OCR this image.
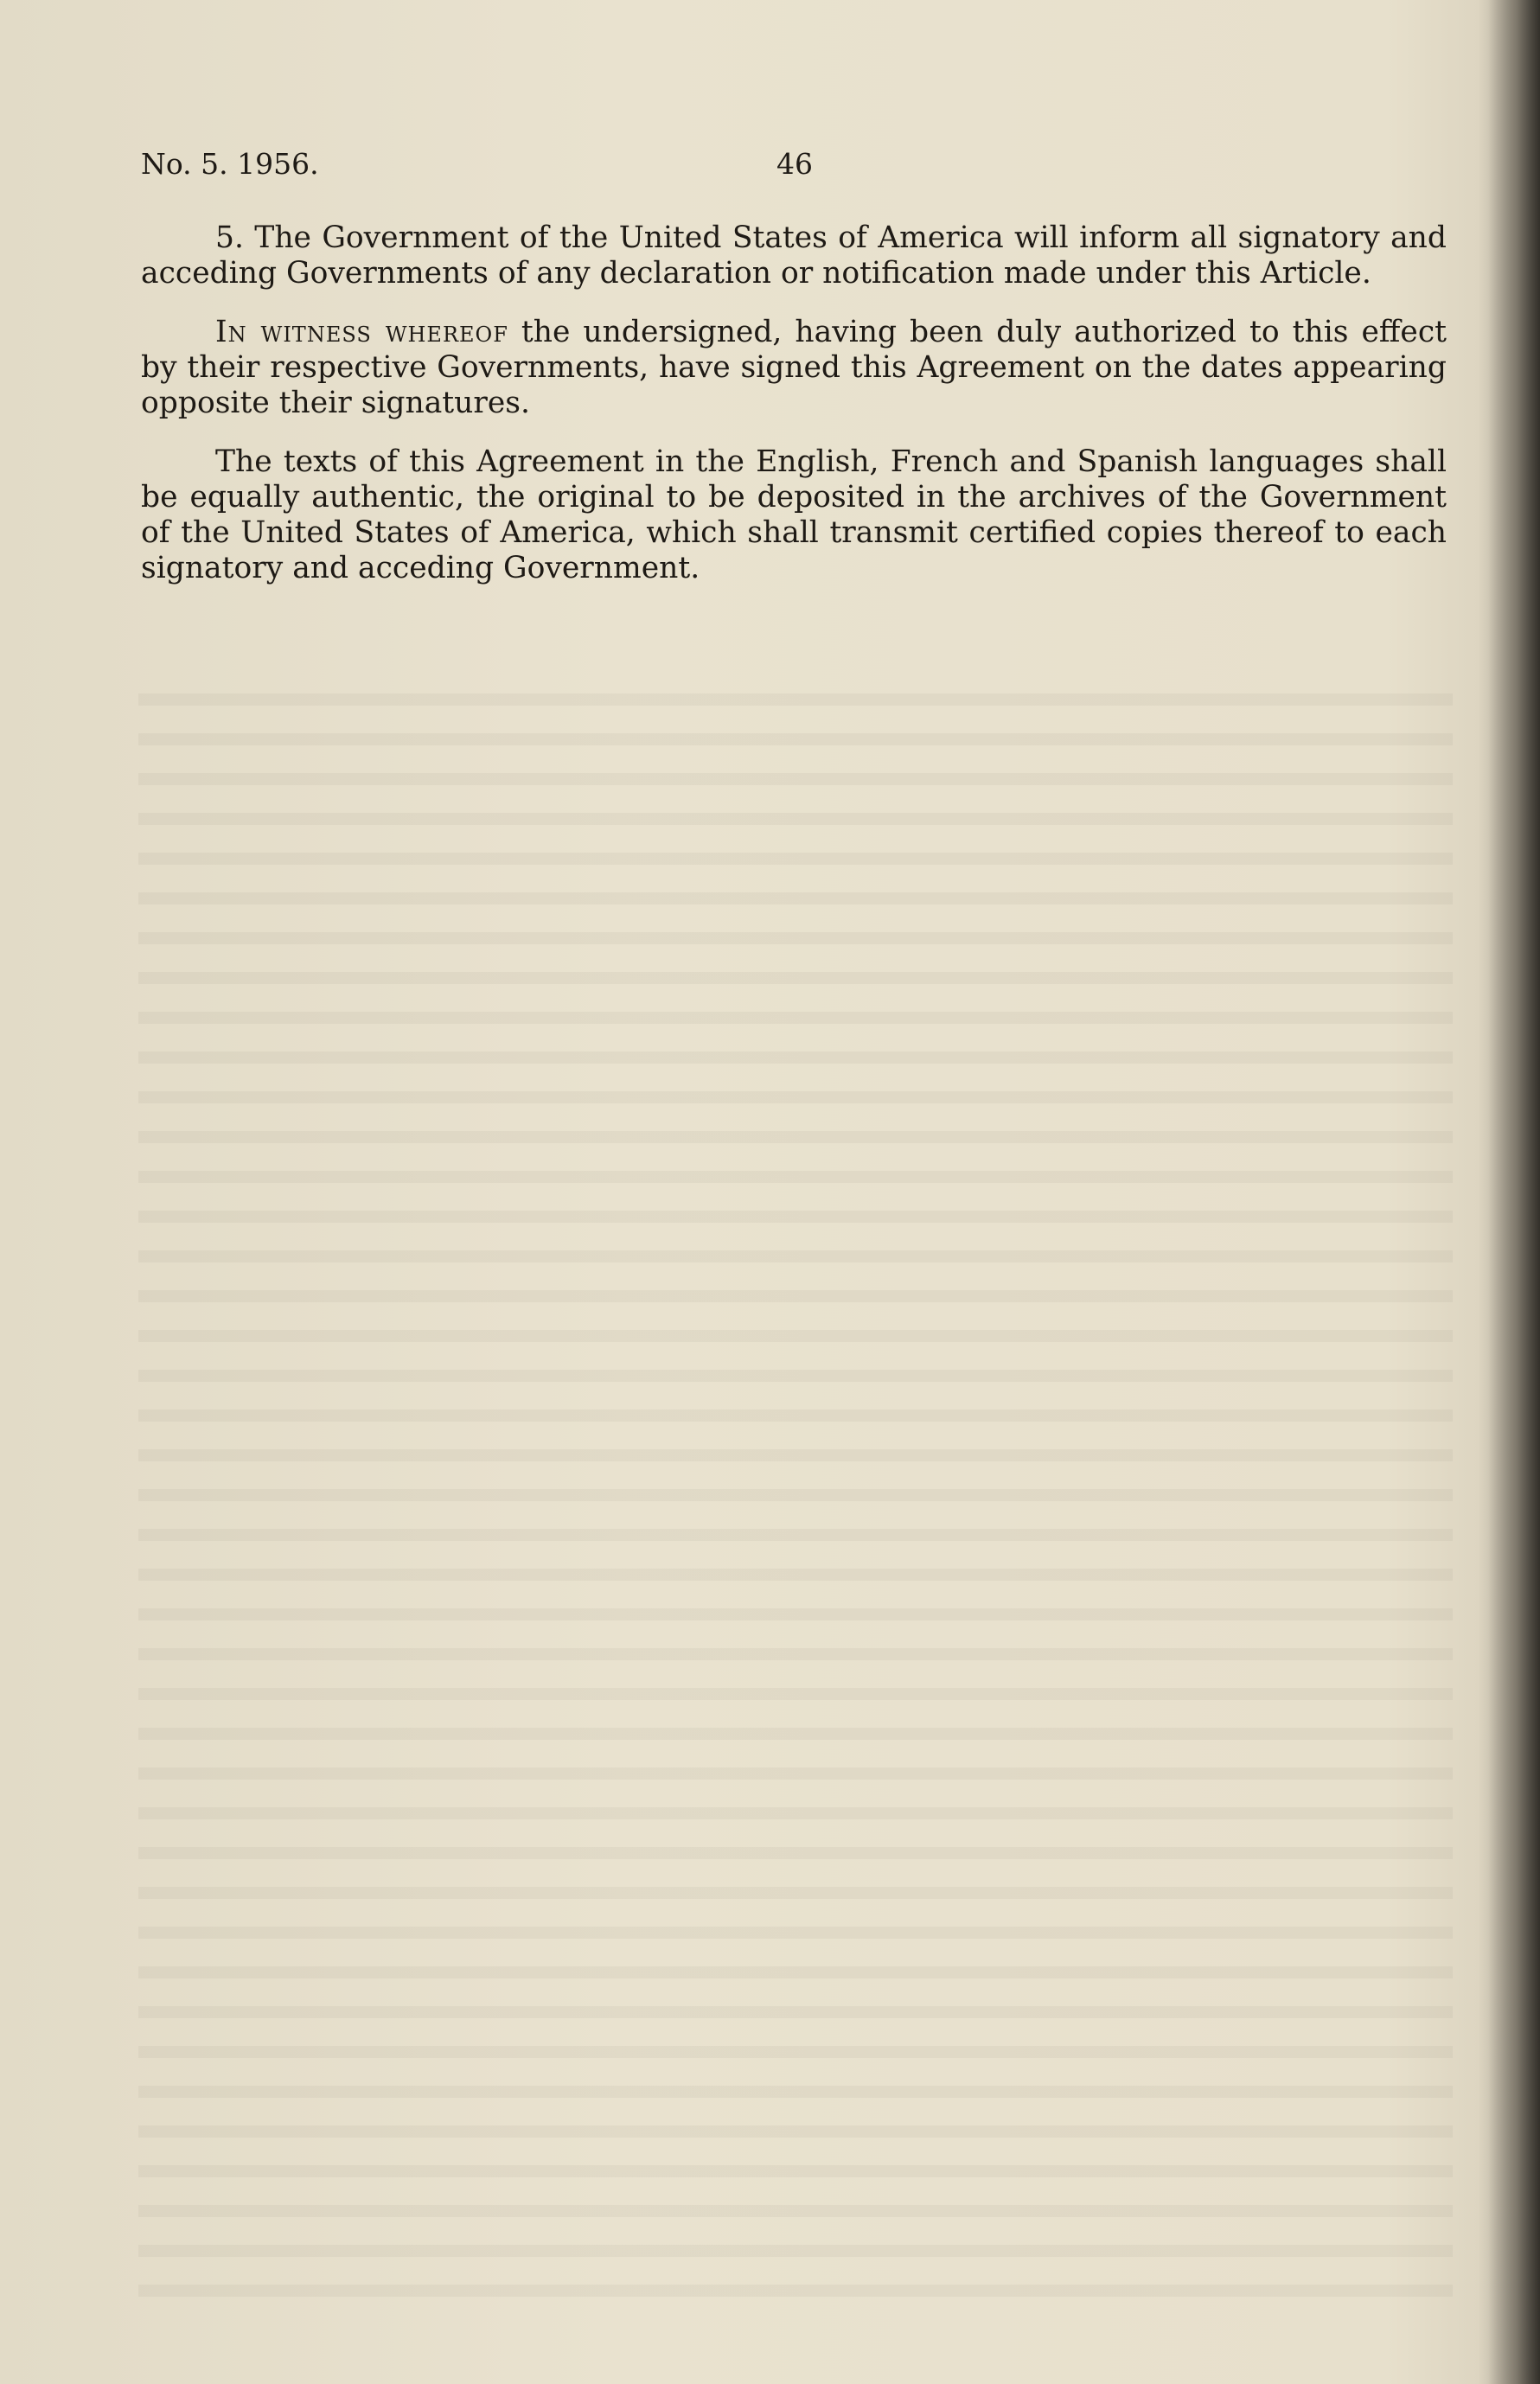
No. 5. 1956.	46

5. The Government of the United States of America will inform all signatory and acceding Governments of any declaration or notification made under this Article.

In witness whereof the undersigned, having been duly authorized to this effect by their respective Governments, have signed this Agreement on the dates appearing opposite their signatures.

The texts of this Agreement in the English, French and Spanish languages shall be equally authentic, the original to be deposited in the archives of the Government of the United States of America, which shall transmit certified copies thereof to each signatory and acceding Government.
